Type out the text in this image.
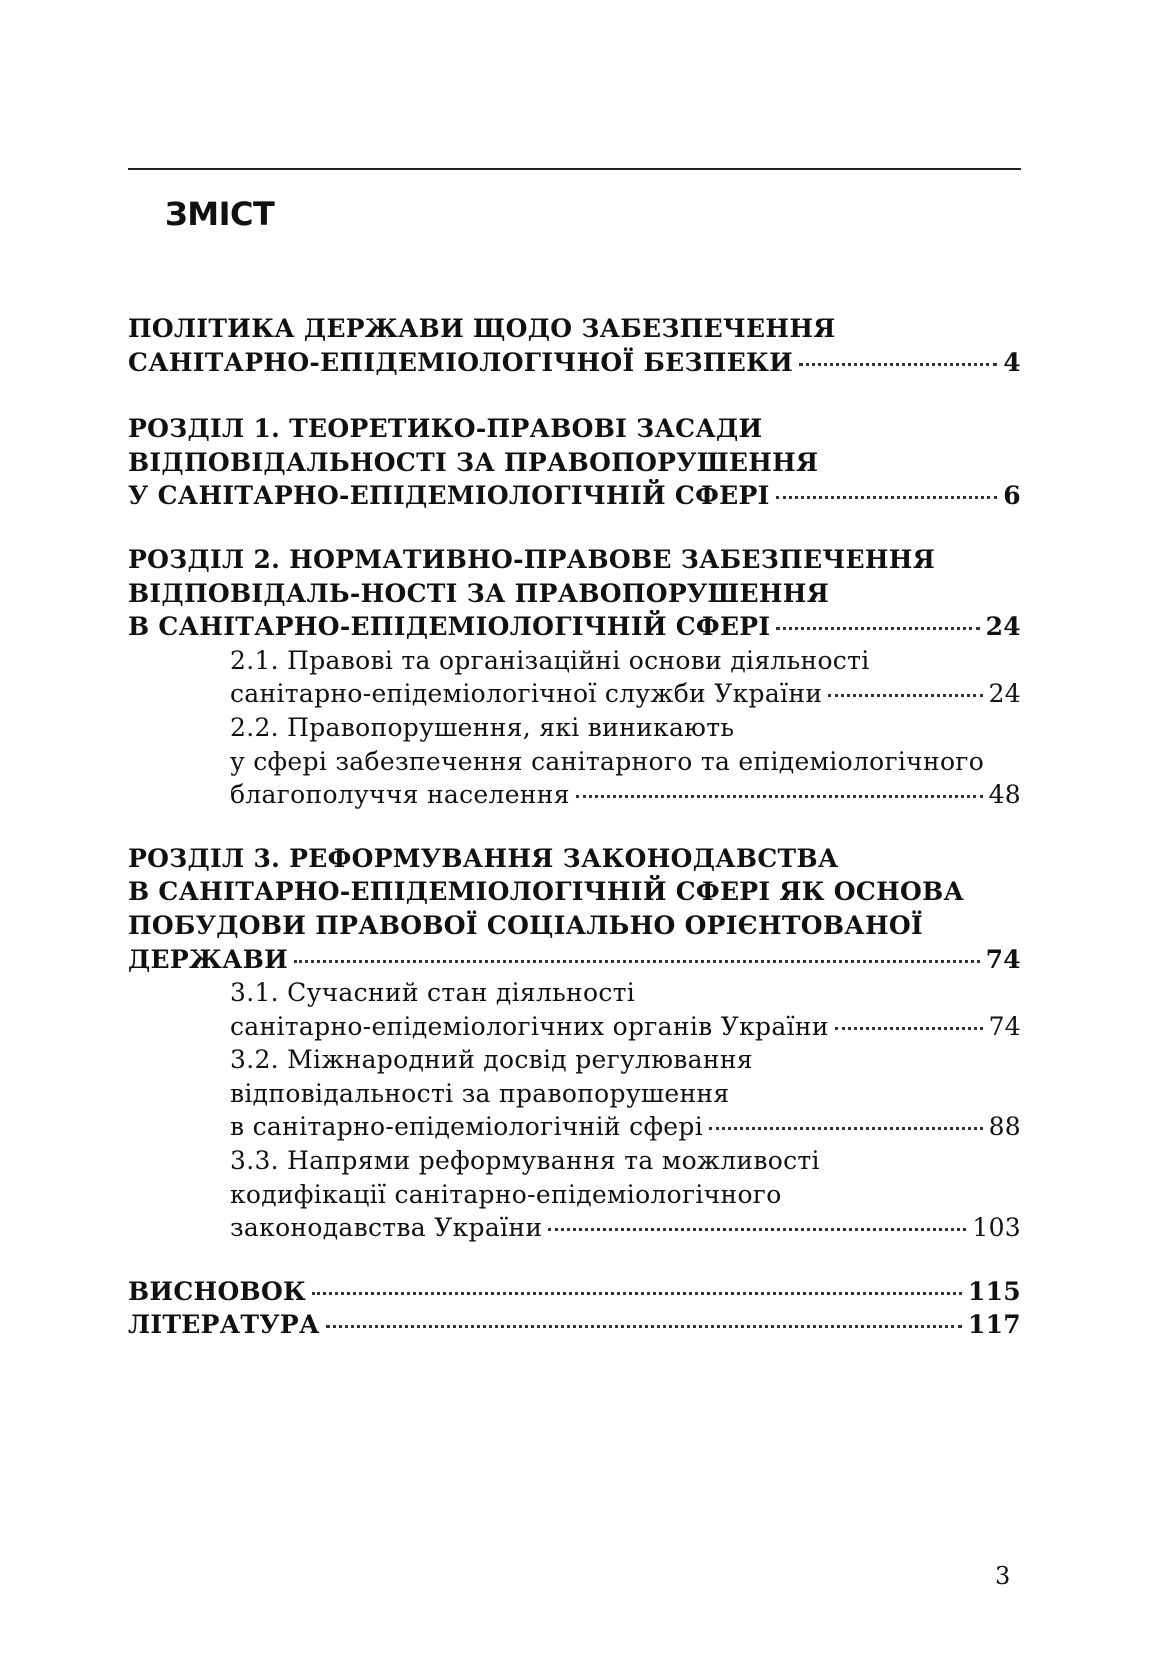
ЗМІСТ
ПОЛІТИКА ДЕРЖАВИ ЩОДО ЗАБЕЗПЕЧЕННЯ
САНІТАРНО-ЕПІДЕМІОЛОГІЧНОЇ БЕЗПЕКИ	4
РОЗДІЛ 1. ТЕОРЕТИКО-ПРАВОВІ ЗАСАДИ
ВІДПОВІДАЛЬНОСТІ ЗА ПРАВОПОРУШЕННЯ
У САНІТАРНО-ЕПІДЕМІОЛОГІЧНІЙ СФЕРІ	6
РОЗДІЛ 2. НОРМАТИВНО-ПРАВОВЕ ЗАБЕЗПЕЧЕННЯ
ВІДПОВІДАЛЬ-НОСТІ ЗА ПРАВОПОРУШЕННЯ
В САНІТАРНО-ЕПІДЕМІОЛОГІЧНІЙ СФЕРІ	24
2.1. Правові та організаційні основи діяльності
санітарно-епідеміологічної служби України	24
2.2. Правопорушення, які виникають
у сфері забезпечення санітарного та епідеміологічного
благополуччя населення	48
РОЗДІЛ 3. РЕФОРМУВАННЯ ЗАКОНОДАВСТВА
В САНІТАРНО-ЕПІДЕМІОЛОГІЧНІЙ СФЕРІ ЯК ОСНОВА
ПОБУДОВИ ПРАВОВОЇ СОЦІАЛЬНО ОРІЄНТОВАНОЇ
ДЕРЖАВИ	74
3.1. Сучасний стан діяльності
санітарно-епідеміологічних органів України	74
3.2. Міжнародний досвід регулювання
відповідальності за правопорушення
в санітарно-епідеміологічній сфері	88
3.3. Напрями реформування та можливості
кодифікації санітарно-епідеміологічного
законодавства України	103
ВИСНОВОК	115
ЛІТЕРАТУРА	117
3
